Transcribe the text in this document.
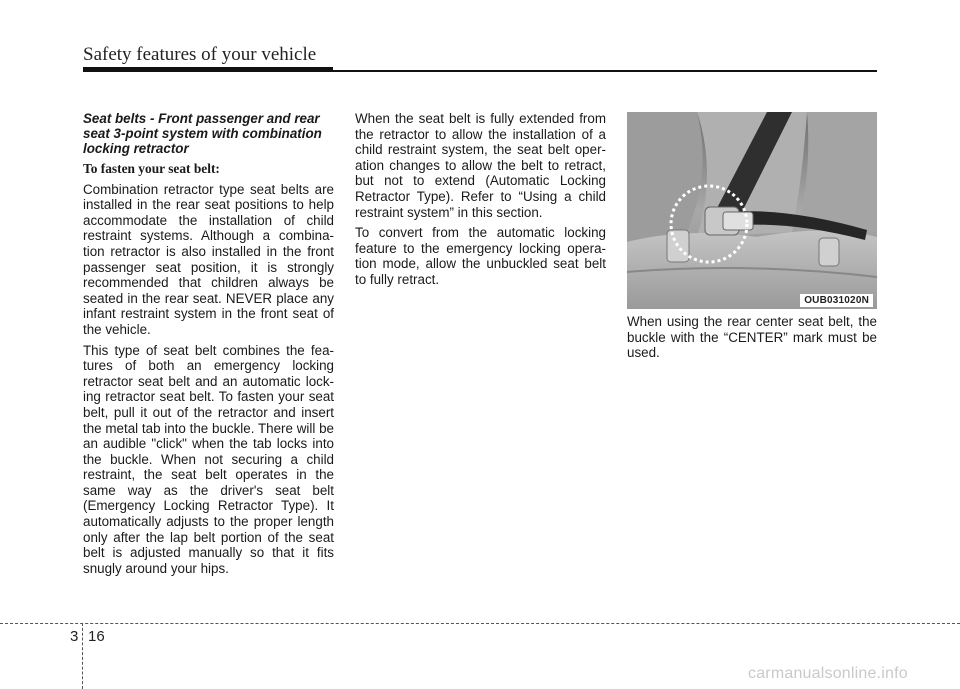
Safety features of your vehicle

Seat belts - Front passenger and rear seat 3-point system with combination locking retractor

To fasten your seat belt:

Combination retractor type seat belts are installed in the rear seat positions to help accommodate the installation of child restraint systems. Although a combina-tion retractor is also installed in the front passenger seat position, it is strongly recommended that children always be seated in the rear seat. NEVER place any infant restraint system in the front seat of the vehicle.

This type of seat belt combines the fea-tures of both an emergency locking retractor seat belt and an automatic lock-ing retractor seat belt. To fasten your seat belt, pull it out of the retractor and insert the metal tab into the buckle. There will be an audible "click" when the tab locks into the buckle. When not securing a child restraint, the seat belt operates in the same way as the driver's seat belt (Emergency Locking Retractor Type). It automatically adjusts to the proper length only after the lap belt portion of the seat belt is adjusted manually so that it fits snugly around your hips.

When the seat belt is fully extended from the retractor to allow the installation of a child restraint system, the seat belt oper-ation changes to allow the belt to retract, but not to extend (Automatic Locking Retractor Type). Refer to “Using a child restraint system” in this section.

To convert from the automatic locking feature to the emergency locking opera-tion mode, allow the unbuckled seat belt to fully retract.

OUB031020N

When using the rear center seat belt, the buckle with the “CENTER” mark must be used.

3 16
carmanualsonline.info
